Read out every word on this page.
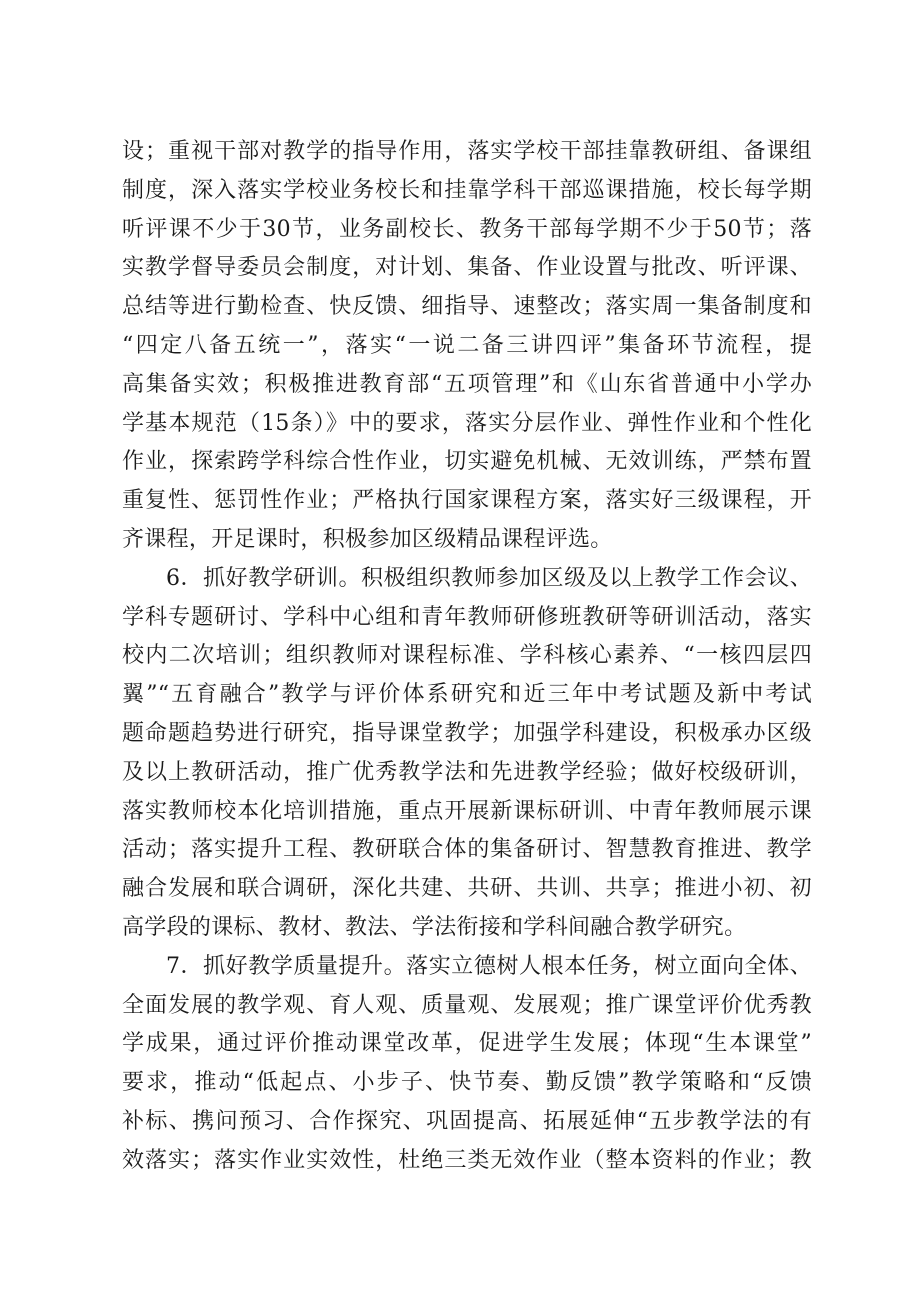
设；重视干部对教学的指导作用，落实学校干部挂靠教研组、备课组
制度，深入落实学校业务校长和挂靠学科干部巡课措施，校长每学期
听评课不少于30节，业务副校长、教务干部每学期不少于50节；落
实教学督导委员会制度，对计划、集备、作业设置与批改、听评课、
总结等进行勤检查、快反馈、细指导、速整改；落实周一集备制度和
“四定八备五统一”，落实“一说二备三讲四评”集备环节流程，提
高集备实效；积极推进教育部“五项管理”和《山东省普通中小学办
学基本规范（15条）》中的要求，落实分层作业、弹性作业和个性化
作业，探索跨学科综合性作业，切实避免机械、无效训练，严禁布置
重复性、惩罚性作业；严格执行国家课程方案，落实好三级课程，开
齐课程，开足课时，积极参加区级精品课程评选。

6．抓好教学研训。积极组织教师参加区级及以上教学工作会议、
学科专题研讨、学科中心组和青年教师研修班教研等研训活动，落实
校内二次培训；组织教师对课程标准、学科核心素养、“一核四层四
翼”“五育融合”教学与评价体系研究和近三年中考试题及新中考试
题命题趋势进行研究，指导课堂教学；加强学科建设，积极承办区级
及以上教研活动，推广优秀教学法和先进教学经验；做好校级研训，
落实教师校本化培训措施，重点开展新课标研训、中青年教师展示课
活动；落实提升工程、教研联合体的集备研讨、智慧教育推进、教学
融合发展和联合调研，深化共建、共研、共训、共享；推进小初、初
高学段的课标、教材、教法、学法衔接和学科间融合教学研究。

7．抓好教学质量提升。落实立德树人根本任务，树立面向全体、
全面发展的教学观、育人观、质量观、发展观；推广课堂评价优秀教
学成果，通过评价推动课堂改革，促进学生发展；体现“生本课堂”
要求，推动“低起点、小步子、快节奏、勤反馈”教学策略和“反馈
补标、携问预习、合作探究、巩固提高、拓展延伸“五步教学法的有
效落实；落实作业实效性，杜绝三类无效作业（整本资料的作业；教
